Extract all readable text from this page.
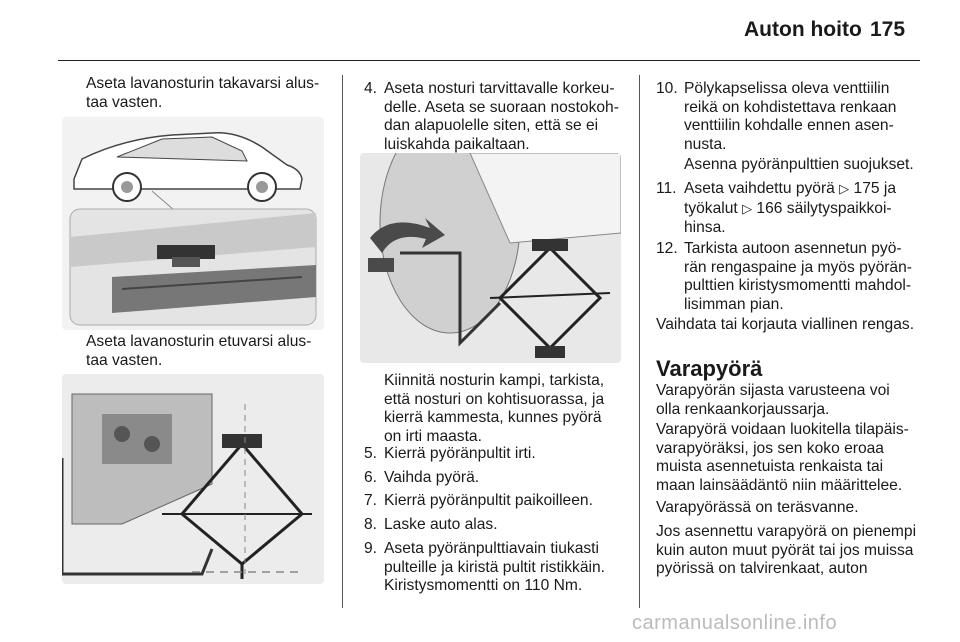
Auton hoito 175
Aseta lavanosturin takavarsi alus-
taa vasten.
Aseta lavanosturin etuvarsi alus-
taa vasten.
4. Aseta nosturi tarvittavalle korkeu-
delle. Aseta se suoraan nostokoh-
dan alapuolelle siten, että se ei
luiskahda paikaltaan.
Kiinnitä nosturin kampi, tarkista,
että nosturi on kohtisuorassa, ja
kierrä kammesta, kunnes pyörä
on irti maasta.
5. Kierrä pyöränpultit irti.
6. Vaihda pyörä.
7. Kierrä pyöränpultit paikoilleen.
8. Laske auto alas.
9. Aseta pyöränpulttiavain tiukasti
pulteille ja kiristä pultit ristikkäin.
Kiristysmomentti on 110 Nm.
10. Pölykapselissa oleva venttiilin
reikä on kohdistettava renkaan
venttiilin kohdalle ennen asen-
nusta.
Asenna pyöränpulttien suojukset.
11. Aseta vaihdettu pyörä ▷ 175 ja
työkalut ▷ 166 säilytyspaikkoi-
hinsa.
12. Tarkista autoon asennetun pyö-
rän rengaspaine ja myös pyörän-
pulttien kiristysmomentti mahdol-
lisimman pian.
Vaihdata tai korjauta viallinen rengas.
Varapyörä
Varapyörän sijasta varusteena voi
olla renkaankorjaussarja.
Varapyörä voidaan luokitella tilapäis-
varapyöräksi, jos sen koko eroaa
muista asennetuista renkaista tai
maan lainsäädäntö niin määrittelee.
Varapyörässä on teräsvanne.
Jos asennettu varapyörä on pienempi
kuin auton muut pyörät tai jos muissa
pyörissä on talvirenkaat, auton
carmanualsonline.info
